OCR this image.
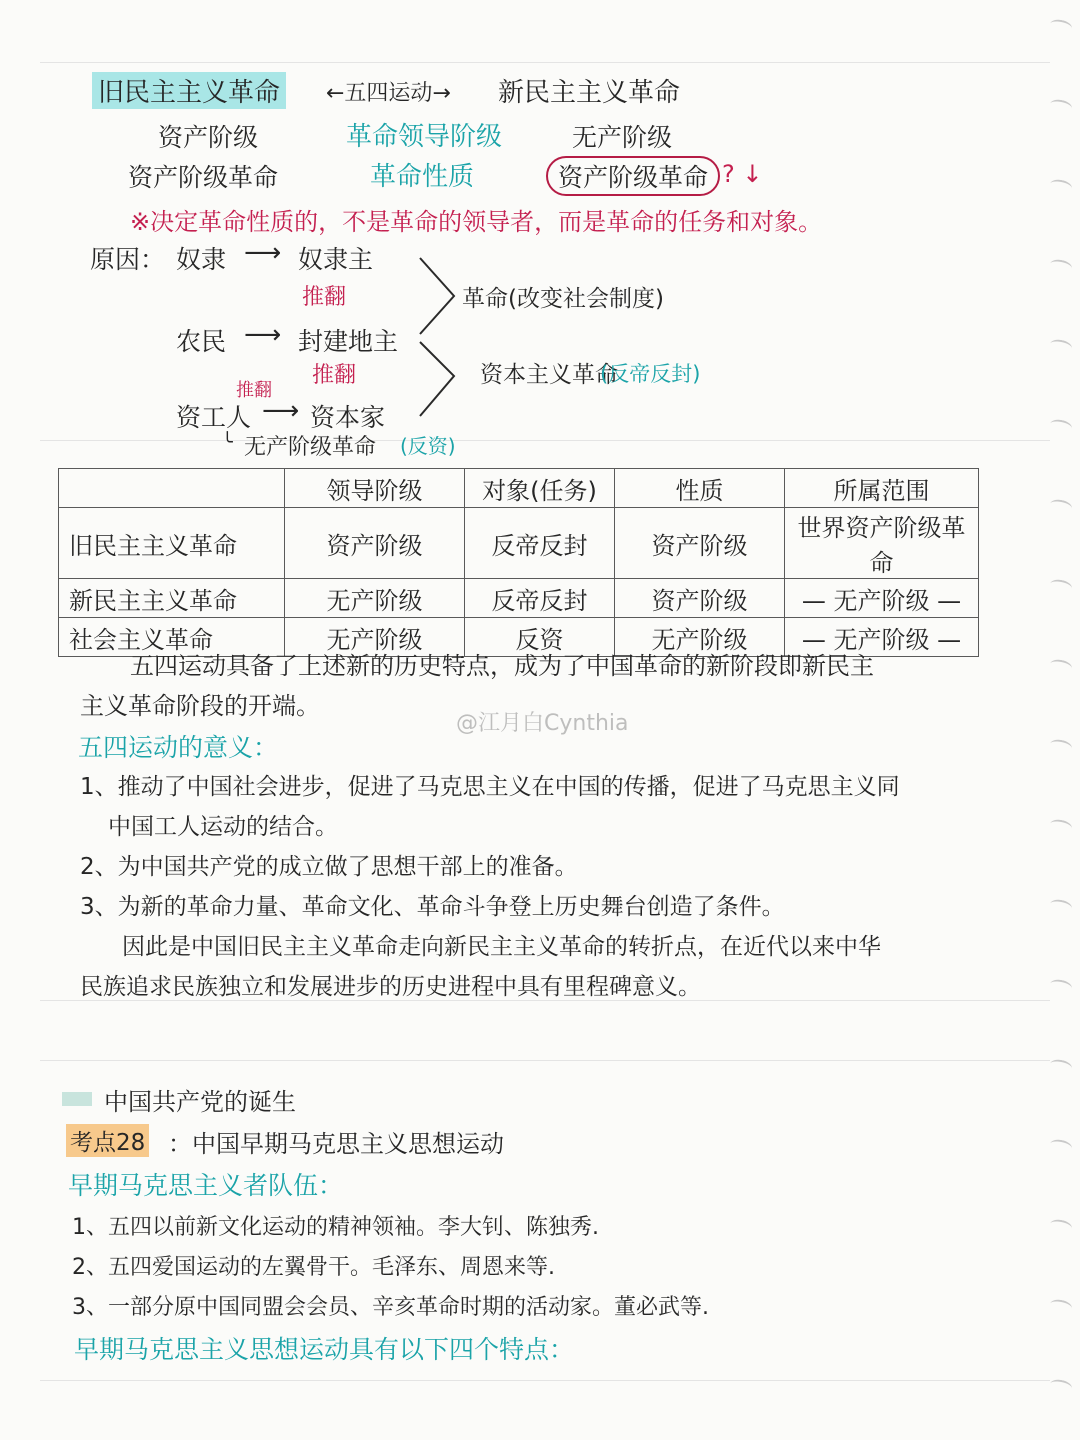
旧民主主义革命 ←五四运动→ 新民主主义革命
资产阶级	革命领导阶级	无产阶级
资产阶级革命	革命性质	资产阶级革命 ? ↓
※决定革命性质的，不是革命的领导者，而是革命的任务和对象。
原因： 奴隶 ⟶ 奴隶主
推翻
农民 ⟶ 封建地主
推翻
推翻
资工人 ⟶ 资本家
革命(改变社会制度)
资本主义革命
(反帝反封)
╰ 无产阶级革命 (反资)
	领导阶级	对象(任务)	性质	所属范围
旧民主主义革命	资产阶级	反帝反封	资产阶级	世界资产阶级革命
新民主主义革命	无产阶级	反帝反封	资产阶级	— 无产阶级 —
社会主义革命	无产阶级	反资	无产阶级	— 无产阶级 —
五四运动具备了上述新的历史特点，成为了中国革命的新阶段即新民主
主义革命阶段的开端。
@江月白Cynthia
五四运动的意义：
1、推动了中国社会进步，促进了马克思主义在中国的传播，促进了马克思主义同
中国工人运动的结合。
2、为中国共产党的成立做了思想干部上的准备。
3、为新的革命力量、革命文化、革命斗争登上历史舞台创造了条件。
因此是中国旧民主主义革命走向新民主主义革命的转折点，在近代以来中华
民族追求民族独立和发展进步的历史进程中具有里程碑意义。
中国共产党的诞生
考点28 ：中国早期马克思主义思想运动
早期马克思主义者队伍：
1、五四以前新文化运动的精神领袖。李大钊、陈独秀.
2、五四爱国运动的左翼骨干。毛泽东、周恩来等.
3、一部分原中国同盟会会员、辛亥革命时期的活动家。董必武等.
早期马克思主义思想运动具有以下四个特点：
